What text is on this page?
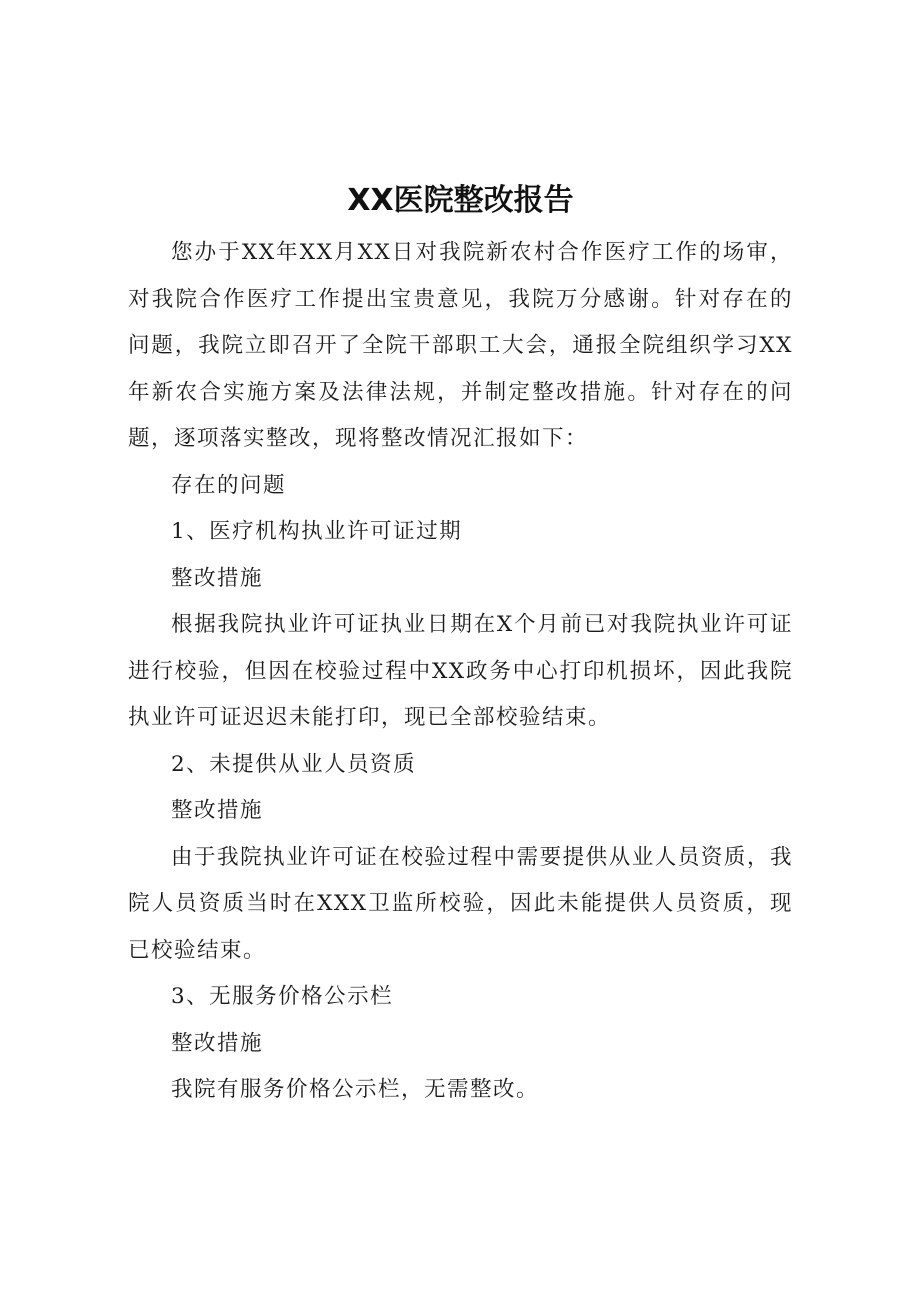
XX医院整改报告

您办于XX年XX月XX日对我院新农村合作医疗工作的场审，对我院合作医疗工作提出宝贵意见，我院万分感谢。针对存在的问题，我院立即召开了全院干部职工大会，通报全院组织学习XX年新农合实施方案及法律法规，并制定整改措施。针对存在的问题，逐项落实整改，现将整改情况汇报如下：

存在的问题

1、医疗机构执业许可证过期

整改措施

根据我院执业许可证执业日期在X个月前已对我院执业许可证进行校验，但因在校验过程中XX政务中心打印机损坏，因此我院执业许可证迟迟未能打印，现已全部校验结束。

2、未提供从业人员资质

整改措施

由于我院执业许可证在校验过程中需要提供从业人员资质，我院人员资质当时在XXX卫监所校验，因此未能提供人员资质，现已校验结束。

3、无服务价格公示栏

整改措施

我院有服务价格公示栏，无需整改。
